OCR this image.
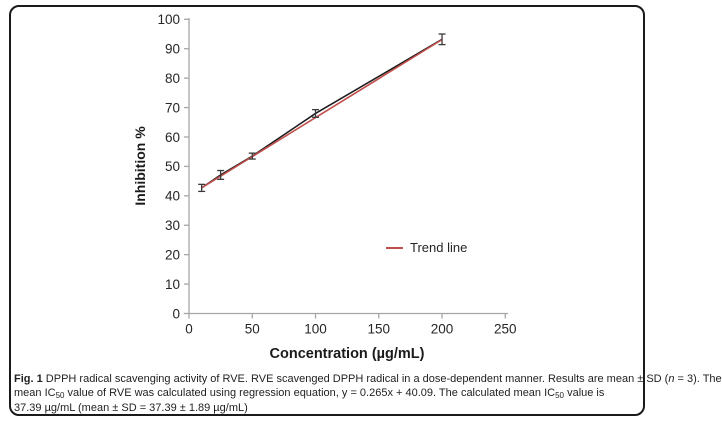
0
10
20
30
40
50
60
70
80
90
100
0	50	100	150	200	250
Inhibition %
Concentration (µg/mL)
Trend line
Fig. 1 DPPH radical scavenging activity of RVE. RVE scavenged DPPH radical in a dose-dependent manner. Results are mean ± SD (n = 3). The
mean $IC_{50}$ value of RVE was calculated using regression equation, y = 0.265x + 40.09. The calculated mean $IC_{50}$ value is
37.39 µg/mL (mean ± SD = 37.39 ± 1.89 µg/mL)
